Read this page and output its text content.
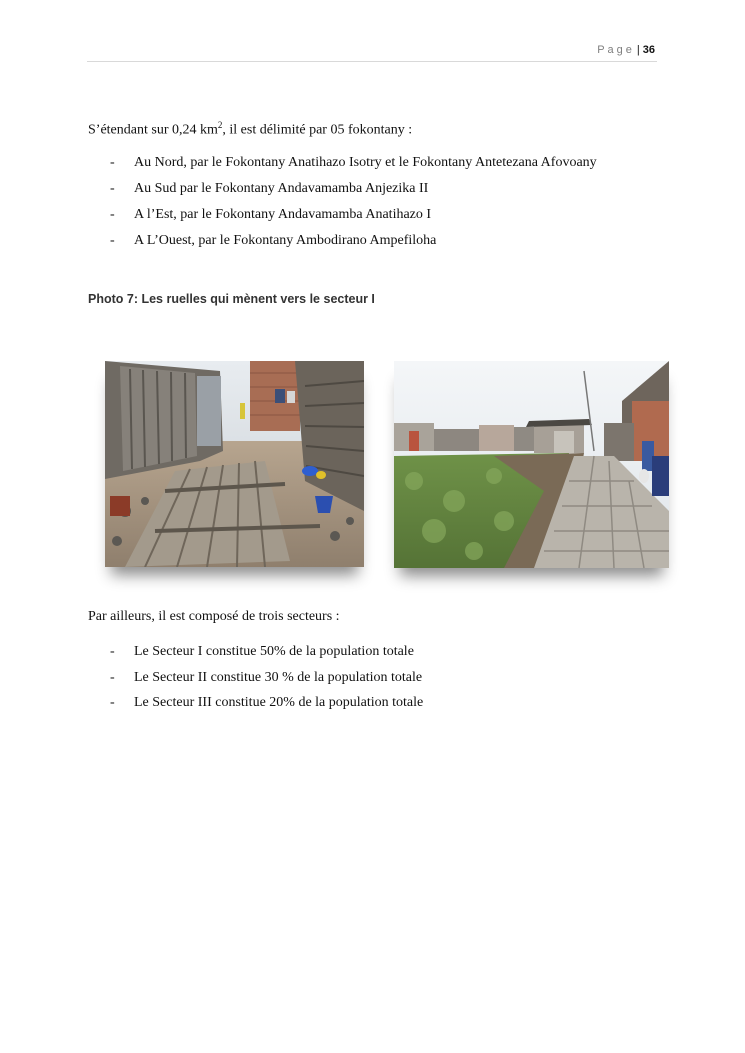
Page | 36

S’étendant sur 0,24 $km^2$, il est délimité par 05 fokontany :

- Au Nord, par le Fokontany Anatihazo Isotry et le Fokontany Antetezana Afovoany
- Au Sud par le Fokontany Andavamamba Anjezika II
- A l’Est, par le Fokontany Andavamamba Anatihazo I
- A L’Ouest, par le Fokontany Ambodirano Ampefiloha

Photo 7: Les ruelles qui mènent vers le secteur I

Par ailleurs, il est composé de trois secteurs :

- Le Secteur I constitue 50% de la population totale
- Le Secteur II constitue 30 % de la population totale
- Le Secteur III constitue 20% de la population totale
